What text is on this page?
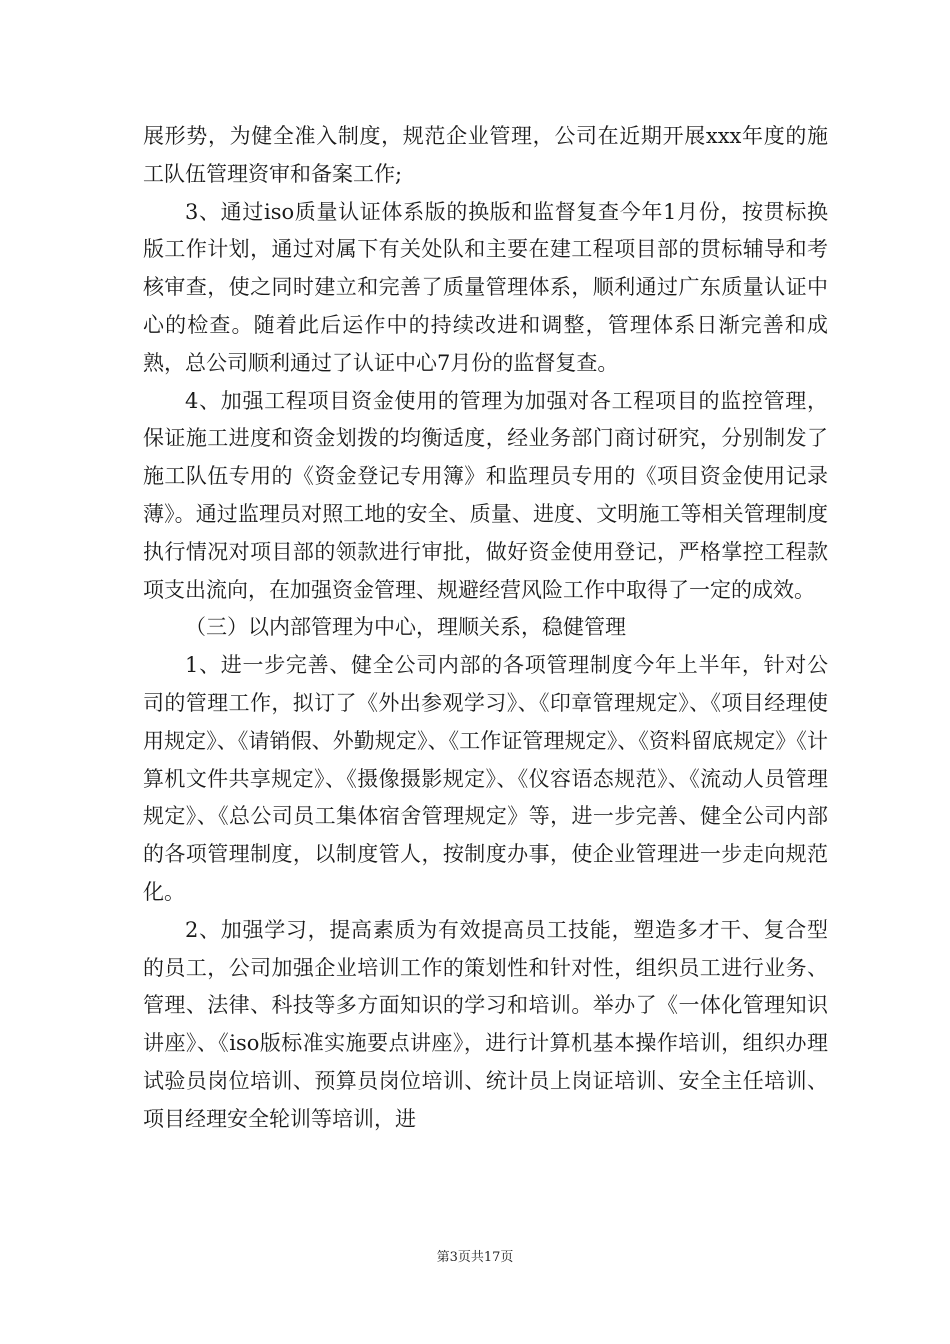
展形势，为健全准入制度，规范企业管理，公司在近期开展xxx年度的施工队伍管理资审和备案工作;

3、通过iso质量认证体系版的换版和监督复查今年1月份，按贯标换版工作计划，通过对属下有关处队和主要在建工程项目部的贯标辅导和考核审查，使之同时建立和完善了质量管理体系，顺利通过广东质量认证中心的检查。随着此后运作中的持续改进和调整，管理体系日渐完善和成熟，总公司顺利通过了认证中心7月份的监督复查。

4、加强工程项目资金使用的管理为加强对各工程项目的监控管理，保证施工进度和资金划拨的均衡适度，经业务部门商讨研究，分别制发了施工队伍专用的《资金登记专用簿》和监理员专用的《项目资金使用记录薄》。通过监理员对照工地的安全、质量、进度、文明施工等相关管理制度执行情况对项目部的领款进行审批，做好资金使用登记，严格掌控工程款项支出流向，在加强资金管理、规避经营风险工作中取得了一定的成效。

（三）以内部管理为中心，理顺关系，稳健管理

1、进一步完善、健全公司内部的各项管理制度今年上半年，针对公司的管理工作，拟订了《外出参观学习》、《印章管理规定》、《项目经理使用规定》、《请销假、外勤规定》、《工作证管理规定》、《资料留底规定》《计算机文件共享规定》、《摄像摄影规定》、《仪容语态规范》、《流动人员管理规定》、《总公司员工集体宿舍管理规定》等，进一步完善、健全公司内部的各项管理制度，以制度管人，按制度办事，使企业管理进一步走向规范化。

2、加强学习，提高素质为有效提高员工技能，塑造多才干、复合型的员工，公司加强企业培训工作的策划性和针对性，组织员工进行业务、管理、法律、科技等多方面知识的学习和培训。举办了《一体化管理知识讲座》、《iso版标准实施要点讲座》，进行计算机基本操作培训，组织办理试验员岗位培训、预算员岗位培训、统计员上岗证培训、安全主任培训、项目经理安全轮训等培训，进

第3页共17页
